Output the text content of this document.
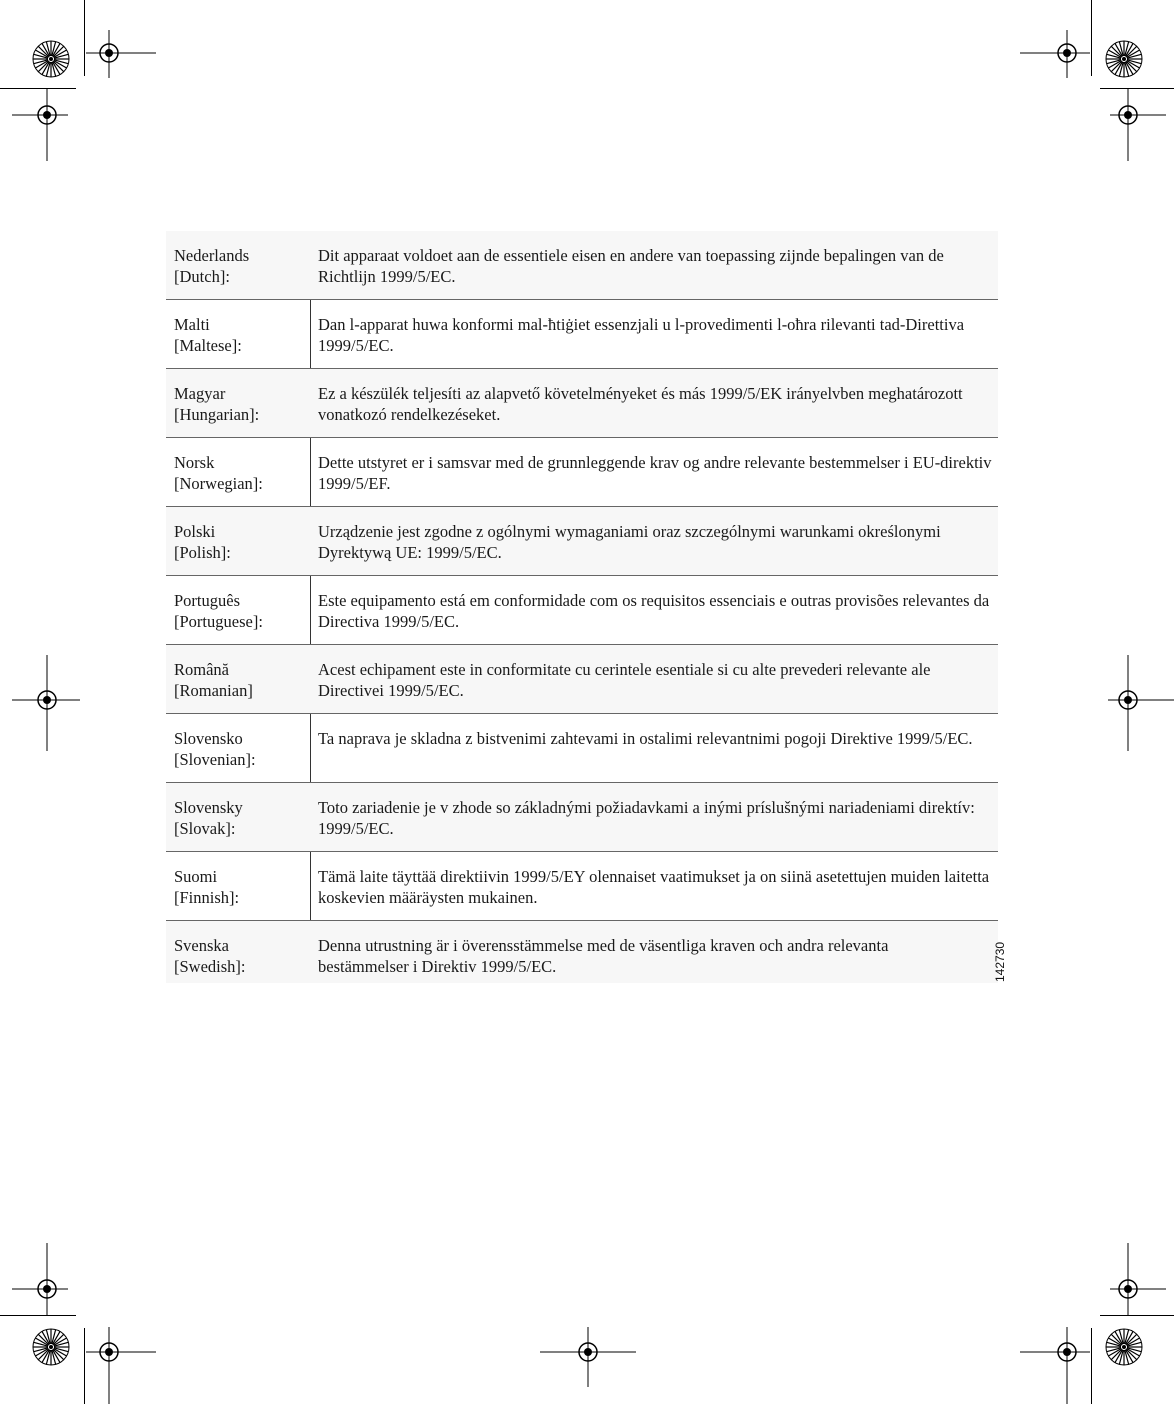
Nederlands
[Dutch]:
Dit apparaat voldoet aan de essentiele eisen en andere van toepassing zijnde bepalingen van de Richtlijn 1999/5/EC.
Malti
[Maltese]:
Dan l-apparat huwa konformi mal-ħtiġiet essenzjali u l-provedimenti l-oħra rilevanti tad-Direttiva 1999/5/EC.
Magyar
[Hungarian]:
Ez a készülék teljesíti az alapvető követelményeket és más 1999/5/EK irányelvben meghatározott vonatkozó rendelkezéseket.
Norsk
[Norwegian]:
Dette utstyret er i samsvar med de grunnleggende krav og andre relevante bestemmelser i EU-direktiv 1999/5/EF.
Polski
[Polish]:
Urządzenie jest zgodne z ogólnymi wymaganiami oraz szczególnymi warunkami określonymi Dyrektywą UE: 1999/5/EC.
Português
[Portuguese]:
Este equipamento está em conformidade com os requisitos essenciais e outras provisões relevantes da Directiva 1999/5/EC.
Română
[Romanian]
Acest echipament este in conformitate cu cerintele esentiale si cu alte prevederi relevante ale Directivei 1999/5/EC.
Slovensko
[Slovenian]:
Ta naprava je skladna z bistvenimi zahtevami in ostalimi relevantnimi pogoji Direktive 1999/5/EC.
Slovensky
[Slovak]:
Toto zariadenie je v zhode so základnými požiadavkami a inými príslušnými nariadeniami direktív: 1999/5/EC.
Suomi
[Finnish]:
Tämä laite täyttää direktiivin 1999/5/EY olennaiset vaatimukset ja on siinä asetettujen muiden laitetta koskevien määräysten mukainen.
Svenska
[Swedish]:
Denna utrustning är i överensstämmelse med de väsentliga kraven och andra relevanta bestämmelser i Direktiv 1999/5/EC.	142730
